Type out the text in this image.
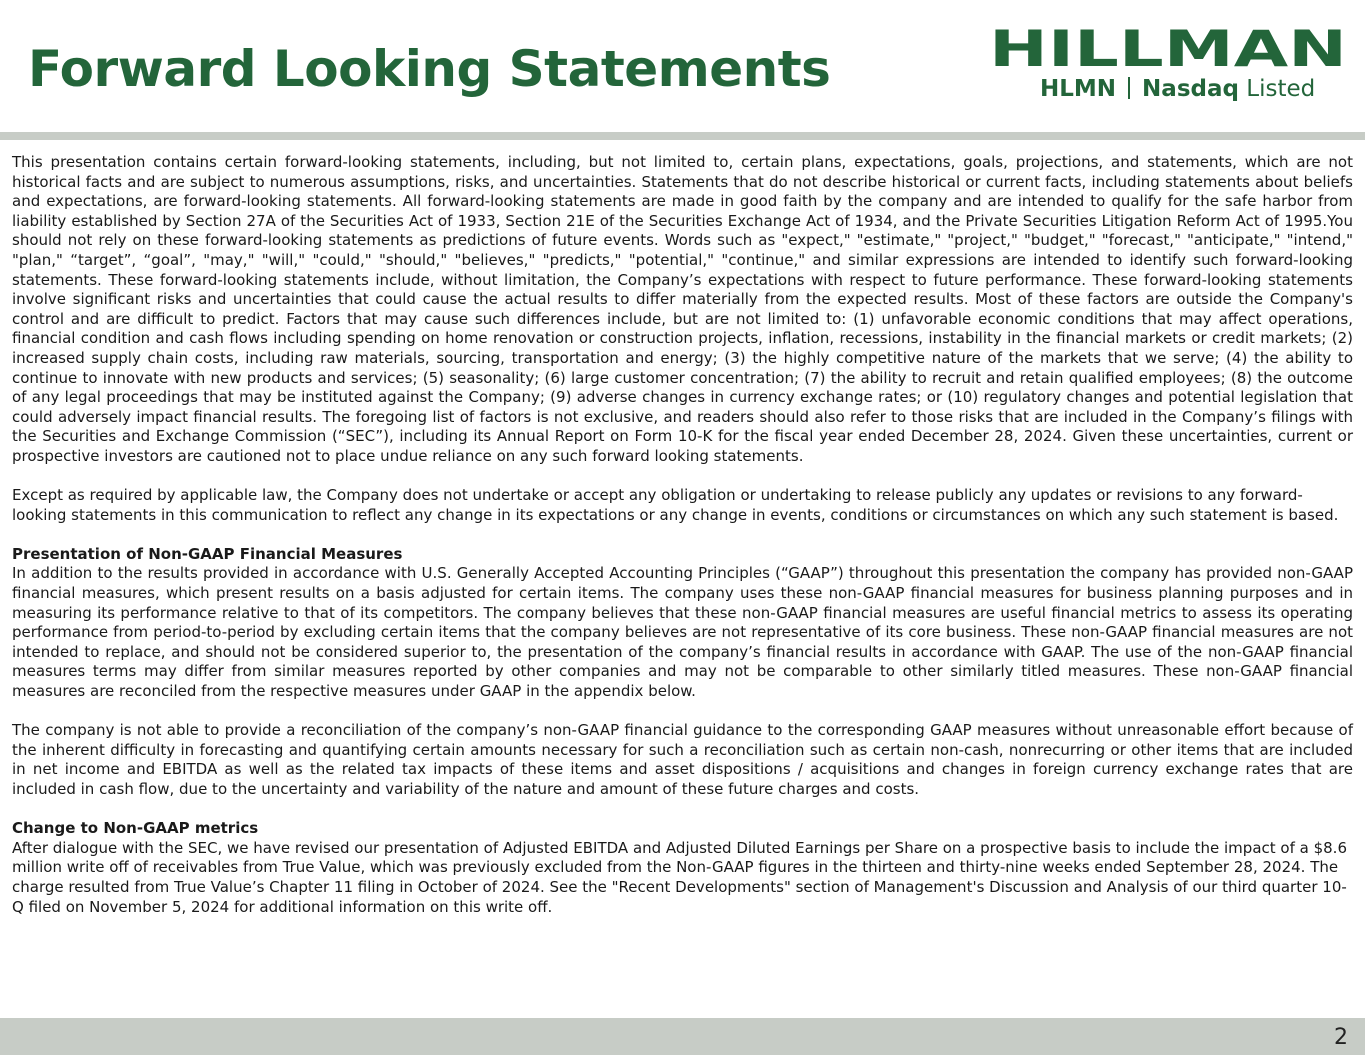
Forward Looking Statements	HILLMAN
HLMN Nasdaq Listed

This presentation contains certain forward-looking statements, including, but not limited to, certain plans, expectations, goals, projections, and statements, which are not historical facts and are subject to numerous assumptions, risks, and uncertainties. Statements that do not describe historical or current facts, including statements about beliefs and expectations, are forward-looking statements. All forward-looking statements are made in good faith by the company and are intended to qualify for the safe harbor from liability established by Section 27A of the Securities Act of 1933, Section 21E of the Securities Exchange Act of 1934, and the Private Securities Litigation Reform Act of 1995.You should not rely on these forward-looking statements as predictions of future events. Words such as "expect," "estimate," "project," "budget," "forecast," "anticipate," "intend," "plan," “target”, “goal”, "may," "will," "could," "should," "believes," "predicts," "potential," "continue," and similar expressions are intended to identify such forward-looking statements. These forward-looking statements include, without limitation, the Company’s expectations with respect to future performance. These forward-looking statements involve significant risks and uncertainties that could cause the actual results to differ materially from the expected results. Most of these factors are outside the Company's control and are difficult to predict. Factors that may cause such differences include, but are not limited to: (1) unfavorable economic conditions that may affect operations, financial condition and cash flows including spending on home renovation or construction projects, inflation, recessions, instability in the financial markets or credit markets; (2) increased supply chain costs, including raw materials, sourcing, transportation and energy; (3) the highly competitive nature of the markets that we serve; (4) the ability to continue to innovate with new products and services; (5) seasonality; (6) large customer concentration; (7) the ability to recruit and retain qualified employees; (8) the outcome of any legal proceedings that may be instituted against the Company; (9) adverse changes in currency exchange rates; or (10) regulatory changes and potential legislation that could adversely impact financial results. The foregoing list of factors is not exclusive, and readers should also refer to those risks that are included in the Company’s filings with the Securities and Exchange Commission (“SEC”), including its Annual Report on Form 10-K for the fiscal year ended December 28, 2024. Given these uncertainties, current or prospective investors are cautioned not to place undue reliance on any such forward looking statements.

Except as required by applicable law, the Company does not undertake or accept any obligation or undertaking to release publicly any updates or revisions to any forward-looking statements in this communication to reflect any change in its expectations or any change in events, conditions or circumstances on which any such statement is based.

Presentation of Non-GAAP Financial Measures

In addition to the results provided in accordance with U.S. Generally Accepted Accounting Principles (“GAAP”) throughout this presentation the company has provided non-GAAP financial measures, which present results on a basis adjusted for certain items. The company uses these non-GAAP financial measures for business planning purposes and in measuring its performance relative to that of its competitors. The company believes that these non-GAAP financial measures are useful financial metrics to assess its operating performance from period-to-period by excluding certain items that the company believes are not representative of its core business. These non-GAAP financial measures are not intended to replace, and should not be considered superior to, the presentation of the company’s financial results in accordance with GAAP. The use of the non-GAAP financial measures terms may differ from similar measures reported by other companies and may not be comparable to other similarly titled measures. These non-GAAP financial measures are reconciled from the respective measures under GAAP in the appendix below.

The company is not able to provide a reconciliation of the company’s non-GAAP financial guidance to the corresponding GAAP measures without unreasonable effort because of the inherent difficulty in forecasting and quantifying certain amounts necessary for such a reconciliation such as certain non-cash, nonrecurring or other items that are included in net income and EBITDA as well as the related tax impacts of these items and asset dispositions / acquisitions and changes in foreign currency exchange rates that are included in cash flow, due to the uncertainty and variability of the nature and amount of these future charges and costs.

Change to Non-GAAP metrics

After dialogue with the SEC, we have revised our presentation of Adjusted EBITDA and Adjusted Diluted Earnings per Share on a prospective basis to include the impact of a $8.6 million write off of receivables from True Value, which was previously excluded from the Non-GAAP figures in the thirteen and thirty-nine weeks ended September 28, 2024. The charge resulted from True Value’s Chapter 11 filing in October of 2024. See the "Recent Developments" section of Management's Discussion and Analysis of our third quarter 10-Q filed on November 5, 2024 for additional information on this write off.

2
